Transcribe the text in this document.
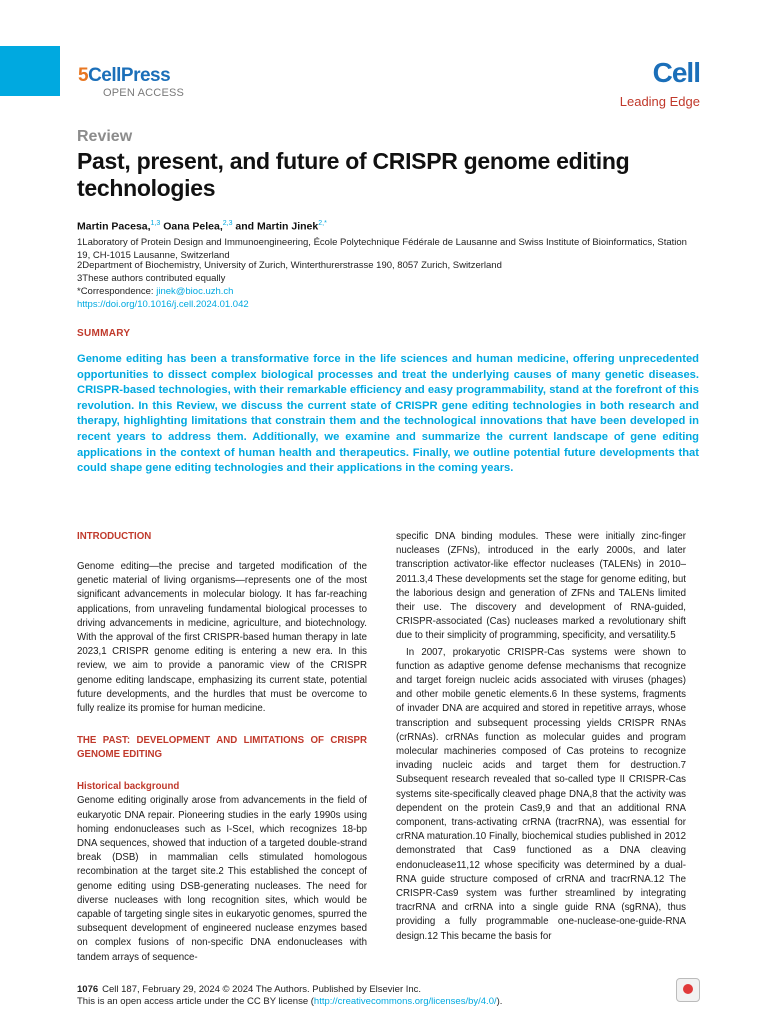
5CellPress
OPEN ACCESS
Cell
Leading Edge
Review
Past, present, and future of CRISPR genome editing technologies
Martin Pacesa,$^{1,3}$ Oana Pelea,$^{2,3}$ and Martin Jinek$^{2,*}$
1Laboratory of Protein Design and Immunoengineering, École Polytechnique Fédérale de Lausanne and Swiss Institute of Bioinformatics, Station 19, CH-1015 Lausanne, Switzerland
2Department of Biochemistry, University of Zurich, Winterthurerstrasse 190, 8057 Zurich, Switzerland
3These authors contributed equally
*Correspondence: jinek@bioc.uzh.ch
https://doi.org/10.1016/j.cell.2024.01.042
SUMMARY
Genome editing has been a transformative force in the life sciences and human medicine, offering unprecedented opportunities to dissect complex biological processes and treat the underlying causes of many genetic diseases. CRISPR-based technologies, with their remarkable efficiency and easy programmability, stand at the forefront of this revolution. In this Review, we discuss the current state of CRISPR gene editing technologies in both research and therapy, highlighting limitations that constrain them and the technological innovations that have been developed in recent years to address them. Additionally, we examine and summarize the current landscape of gene editing applications in the context of human health and therapeutics. Finally, we outline potential future developments that could shape gene editing technologies and their applications in the coming years.

INTRODUCTION

Genome editing—the precise and targeted modification of the genetic material of living organisms—represents one of the most significant advancements in molecular biology. It has far-reaching applications, from unraveling fundamental biological processes to driving advancements in medicine, agriculture, and biotechnology. With the approval of the first CRISPR-based human therapy in late 2023,1 CRISPR genome editing is entering a new era. In this review, we aim to provide a panoramic view of the CRISPR genome editing landscape, emphasizing its current state, potential future developments, and the hurdles that must be overcome to fully realize its promise for human medicine.

THE PAST: DEVELOPMENT AND LIMITATIONS OF CRISPR GENOME EDITING

Historical background

Genome editing originally arose from advancements in the field of eukaryotic DNA repair. Pioneering studies in the early 1990s using homing endonucleases such as I-SceI, which recognizes 18-bp DNA sequences, showed that induction of a targeted double-strand break (DSB) in mammalian cells stimulated homologous recombination at the target site.2 This established the concept of genome editing using DSB-generating nucleases. The need for diverse nucleases with long recognition sites, which would be capable of targeting single sites in eukaryotic genomes, spurred the subsequent development of engineered nuclease enzymes based on complex fusions of non-specific DNA endonucleases with tandem arrays of sequence-

specific DNA binding modules. These were initially zinc-finger nucleases (ZFNs), introduced in the early 2000s, and later transcription activator-like effector nucleases (TALENs) in 2010–2011.3,4 These developments set the stage for genome editing, but the laborious design and generation of ZFNs and TALENs limited their use. The discovery and development of RNA-guided, CRISPR-associated (Cas) nucleases marked a revolutionary shift due to their simplicity of programming, specificity, and versatility.5

In 2007, prokaryotic CRISPR-Cas systems were shown to function as adaptive genome defense mechanisms that recognize and target foreign nucleic acids associated with viruses (phages) and other mobile genetic elements.6 In these systems, fragments of invader DNA are acquired and stored in repetitive arrays, whose transcription and subsequent processing yields CRISPR RNAs (crRNAs). crRNAs function as molecular guides and program molecular machineries composed of Cas proteins to recognize invading nucleic acids and target them for destruction.7 Subsequent research revealed that so-called type II CRISPR-Cas systems site-specifically cleaved phage DNA,8 that the activity was dependent on the protein Cas9,9 and that an additional RNA component, trans-activating crRNA (tracrRNA), was essential for crRNA maturation.10 Finally, biochemical studies published in 2012 demonstrated that Cas9 functioned as a DNA cleaving endonuclease11,12 whose specificity was determined by a dual-RNA guide structure composed of crRNA and tracrRNA.12 The CRISPR-Cas9 system was further streamlined by integrating tracrRNA and crRNA into a single guide RNA (sgRNA), thus providing a fully programmable one-nuclease-one-guide-RNA design.12 This became the basis for

1076 Cell 187, February 29, 2024 © 2024 The Authors. Published by Elsevier Inc.
This is an open access article under the CC BY license (http://creativecommons.org/licenses/by/4.0/).
